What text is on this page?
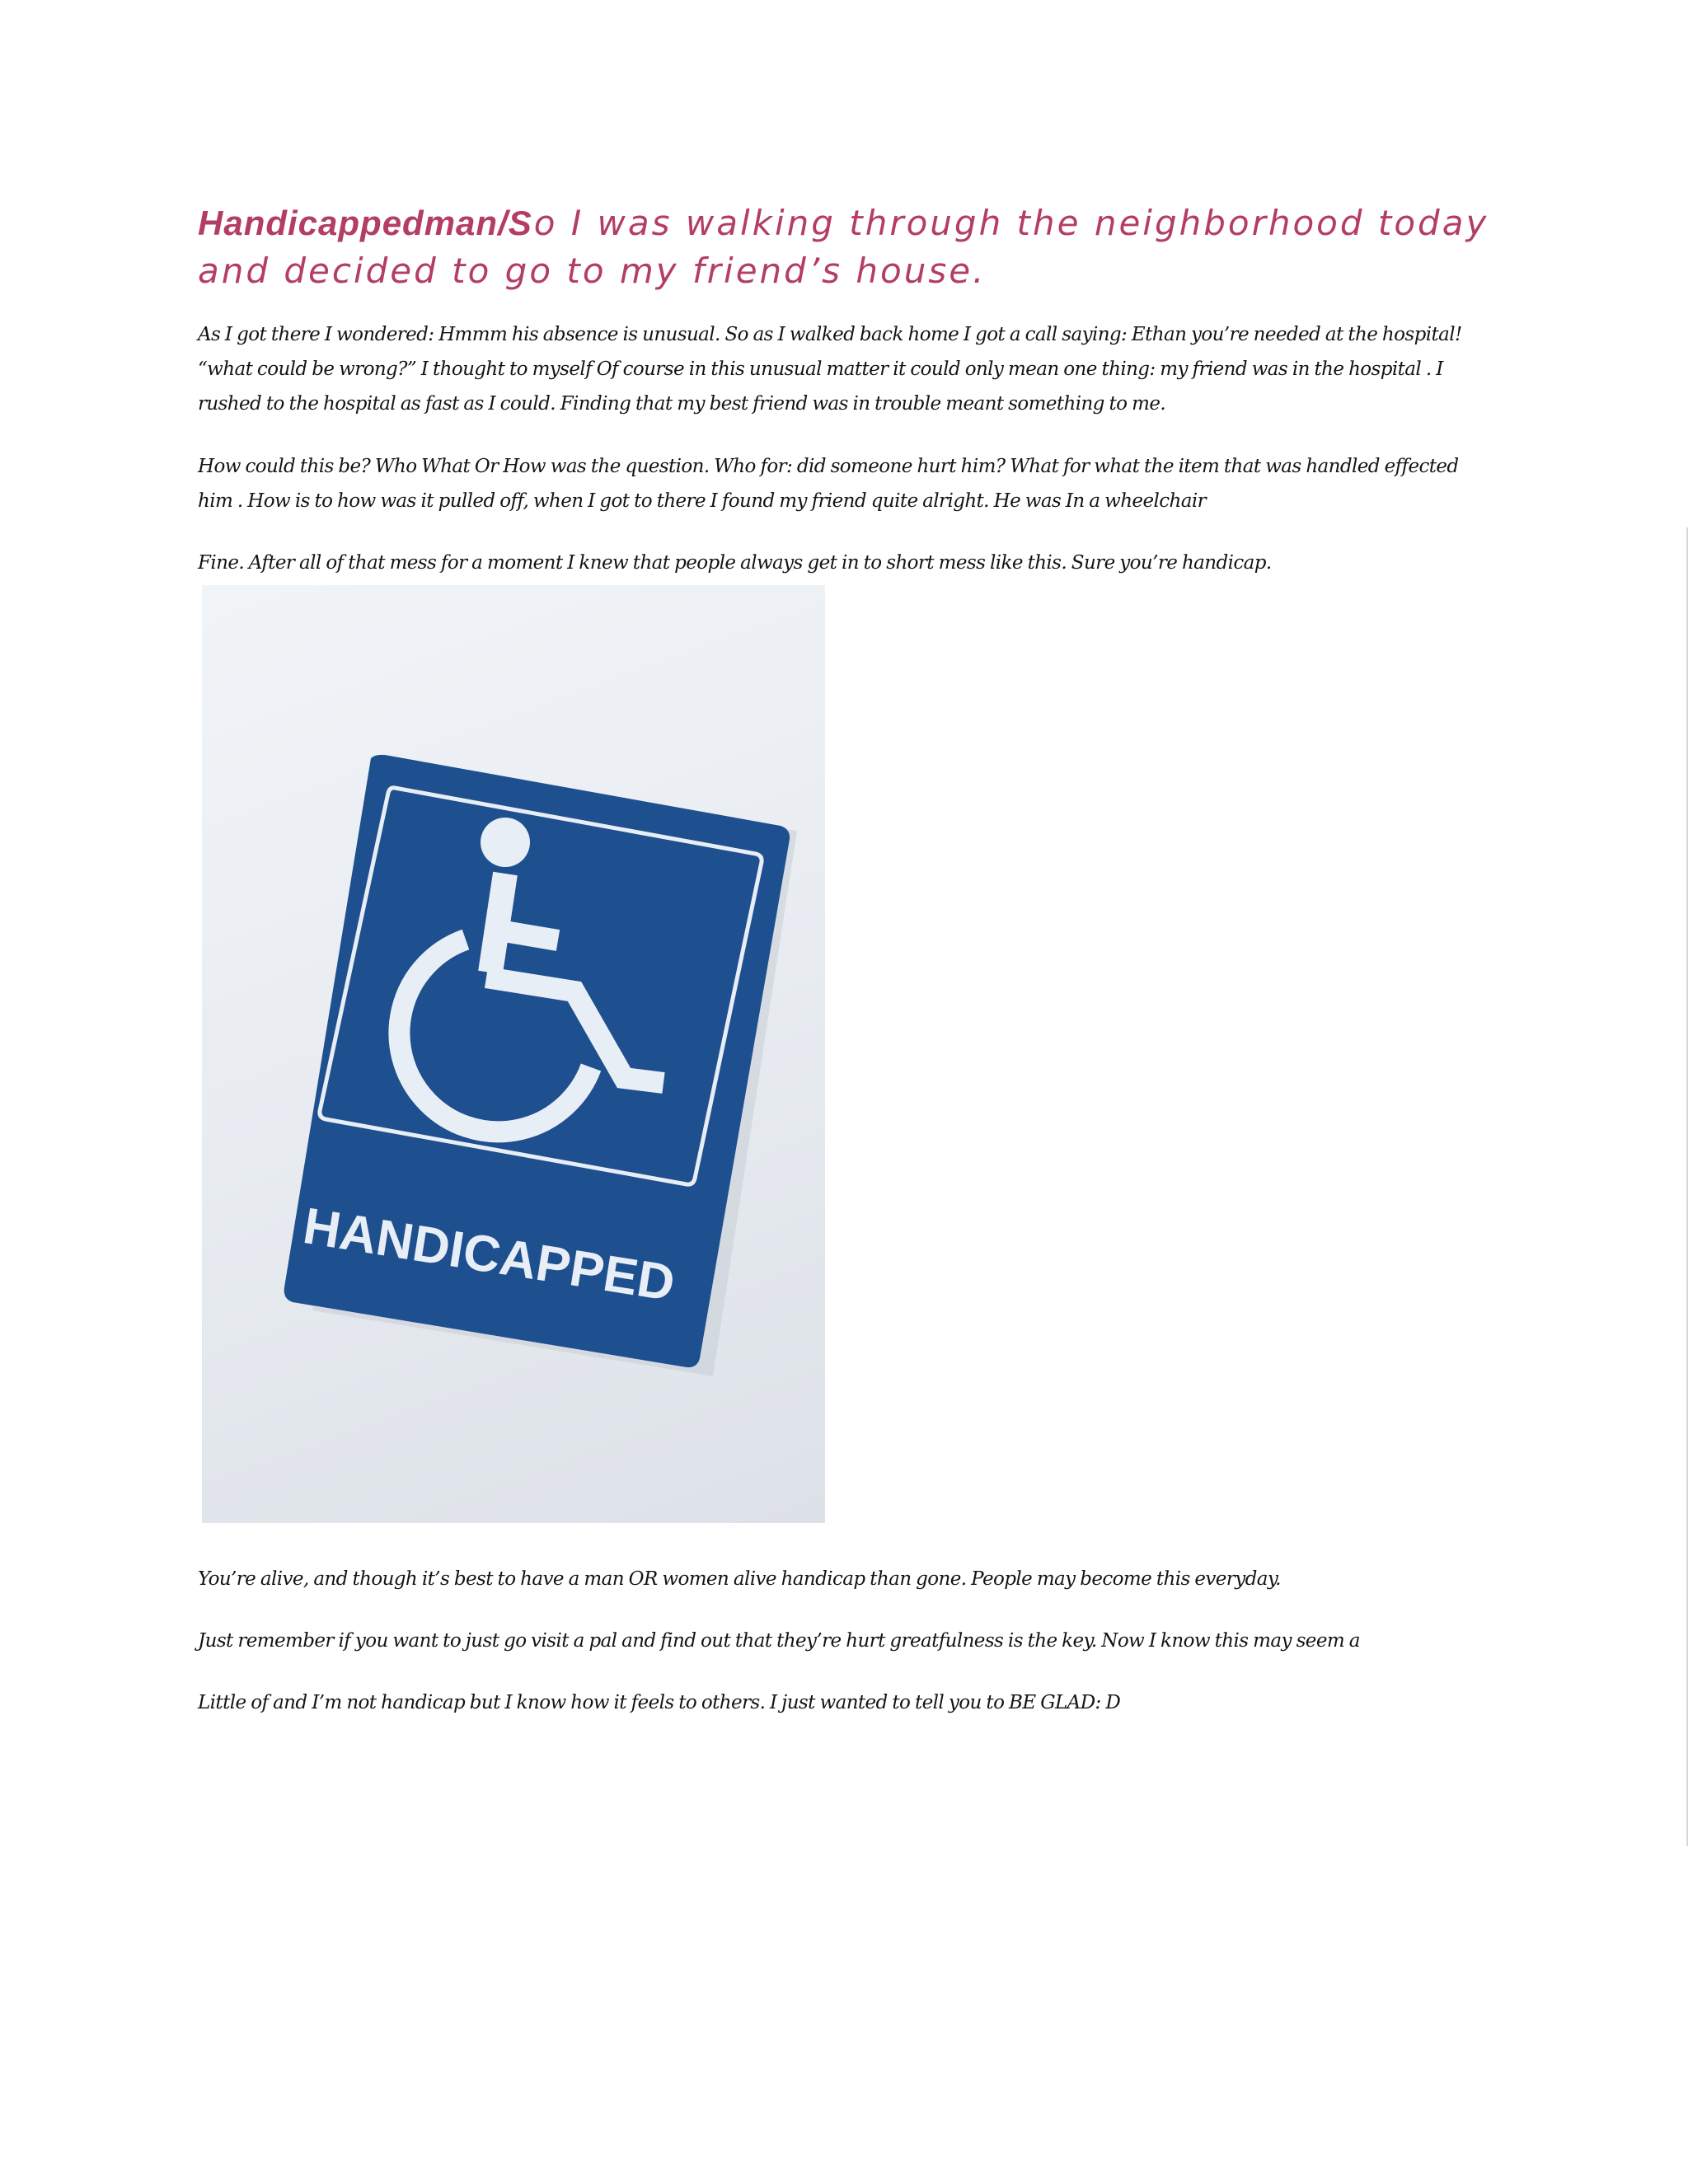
Handicappedman/So I was walking through the neighborhood today and decided to go to my friend’s house.

As I got there I wondered: Hmmm his absence is unusual. So as I walked back home I got a call saying: Ethan you’re needed at the hospital! “what could be wrong?” I thought to myself Of course in this unusual matter it could only mean one thing: my friend was in the hospital . I rushed to the hospital as fast as I could. Finding that my best friend was in trouble meant something to me.

How could this be? Who What Or How was the question. Who for: did someone hurt him? What for what the item that was handled effected him . How is to how was it pulled off, when I got to there I found my friend quite alright. He was In a wheelchair

Fine. After all of that mess for a moment I knew that people always get in to short mess like this. Sure you’re handicap.

HANDICAPPED

You’re alive, and though it’s best to have a man OR women alive handicap than gone. People may become this everyday.

Just remember if you want to just go visit a pal and find out that they’re hurt greatfulness is the key. Now I know this may seem a

Little of and I’m not handicap but I know how it feels to others. I just wanted to tell you to BE GLAD: D
